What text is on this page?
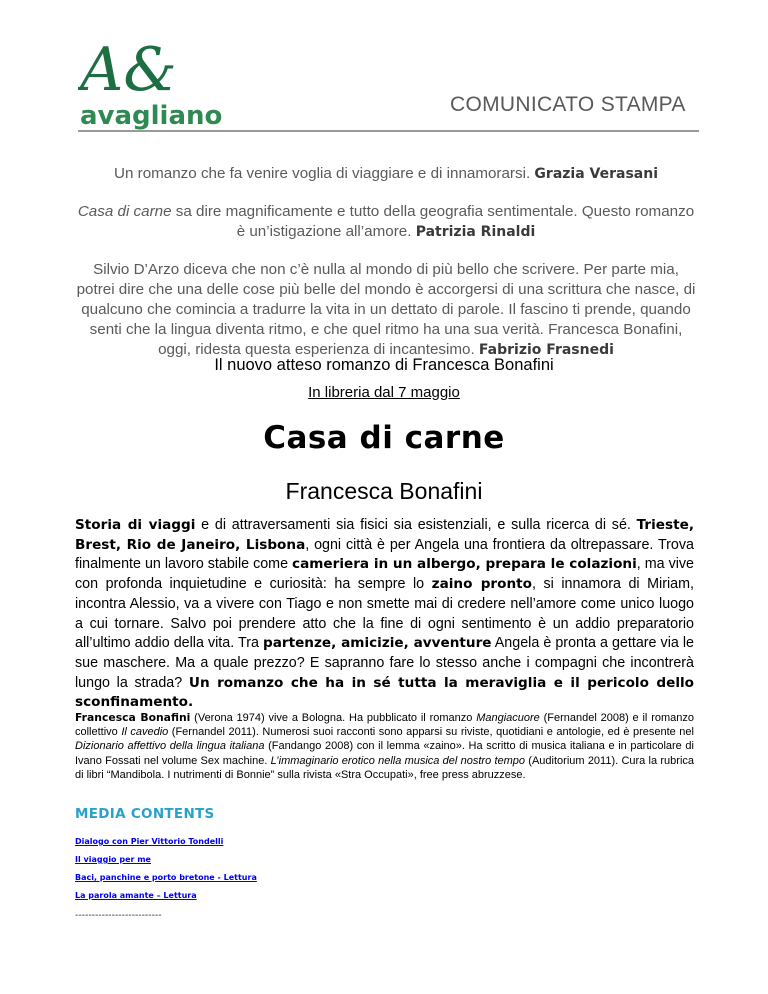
A&
avagliano	COMUNICATO STAMPA

Un romanzo che fa venire voglia di viaggiare e di innamorarsi. Grazia Verasani

Casa di carne sa dire magnificamente e tutto della geografia sentimentale. Questo romanzo è un’istigazione all’amore. Patrizia Rinaldi

Silvio D’Arzo diceva che non c’è nulla al mondo di più bello che scrivere. Per parte mia, potrei dire che una delle cose più belle del mondo è accorgersi di una scrittura che nasce, di qualcuno che comincia a tradurre la vita in un dettato di parole. Il fascino ti prende, quando senti che la lingua diventa ritmo, e che quel ritmo ha una sua verità. Francesca Bonafini, oggi, ridesta questa esperienza di incantesimo. Fabrizio Frasnedi

Il nuovo atteso romanzo di Francesca Bonafini
In libreria dal 7 maggio
Casa di carne
Francesca Bonafini
Storia di viaggi e di attraversamenti sia fisici sia esistenziali, e sulla ricerca di sé. Trieste, Brest, Rio de Janeiro, Lisbona, ogni città è per Angela una frontiera da oltrepassare. Trova finalmente un lavoro stabile come cameriera in un albergo, prepara le colazioni, ma vive con profonda inquietudine e curiosità: ha sempre lo zaino pronto, si innamora di Miriam, incontra Alessio, va a vivere con Tiago e non smette mai di credere nell’amore come unico luogo a cui tornare. Salvo poi prendere atto che la fine di ogni sentimento è un addio preparatorio all’ultimo addio della vita. Tra partenze, amicizie, avventure Angela è pronta a gettare via le sue maschere. Ma a quale prezzo? E sapranno fare lo stesso anche i compagni che incontrerà lungo la strada? Un romanzo che ha in sé tutta la meraviglia e il pericolo dello sconfinamento.
Francesca Bonafini (Verona 1974) vive a Bologna. Ha pubblicato il romanzo Mangiacuore (Fernandel 2008) e il romanzo collettivo Il cavedio (Fernandel 2011). Numerosi suoi racconti sono apparsi su riviste, quotidiani e antologie, ed è presente nel Dizionario affettivo della lingua italiana (Fandango 2008) con il lemma «zaino». Ha scritto di musica italiana e in particolare di Ivano Fossati nel volume Sex machine. L’immaginario erotico nella musica del nostro tempo (Auditorium 2011). Cura la rubrica di libri “Mandibola. I nutrimenti di Bonnie” sulla rivista «Stra Occupati», free press abruzzese.
MEDIA CONTENTS
Dialogo con Pier Vittorio Tondelli
Il viaggio per me
Baci, panchine e porto bretone - Lettura
La parola amante – Lettura
--------------------------
